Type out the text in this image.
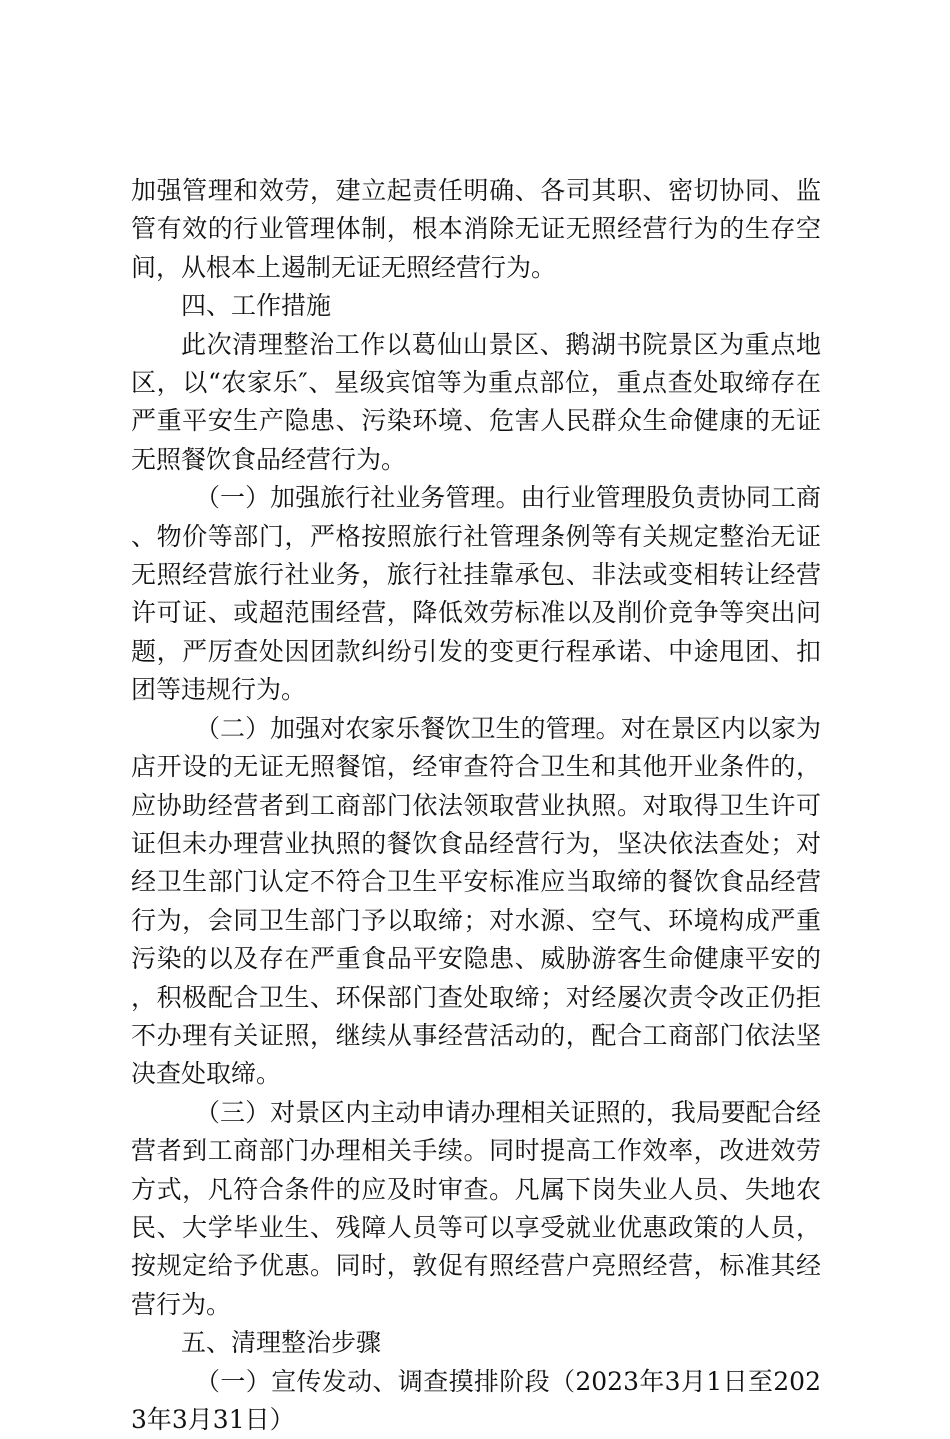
加强管理和效劳，建立起责任明确、各司其职、密切协同、监管有效的行业管理体制，根本消除无证无照经营行为的生存空间，从根本上遏制无证无照经营行为。

四、工作措施

此次清理整治工作以葛仙山景区、鹅湖书院景区为重点地区，以“农家乐″、星级宾馆等为重点部位，重点查处取缔存在严重平安生产隐患、污染环境、危害人民群众生命健康的无证无照餐饮食品经营行为。

（一）加强旅行社业务管理。由行业管理股负责协同工商、物价等部门，严格按照旅行社管理条例等有关规定整治无证无照经营旅行社业务，旅行社挂靠承包、非法或变相转让经营许可证、或超范围经营，降低效劳标准以及削价竞争等突出问题，严厉查处因团款纠纷引发的变更行程承诺、中途甩团、扣团等违规行为。

（二）加强对农家乐餐饮卫生的管理。对在景区内以家为店开设的无证无照餐馆，经审查符合卫生和其他开业条件的，应协助经营者到工商部门依法领取营业执照。对取得卫生许可证但未办理营业执照的餐饮食品经营行为，坚决依法查处；对经卫生部门认定不符合卫生平安标准应当取缔的餐饮食品经营行为，会同卫生部门予以取缔；对水源、空气、环境构成严重污染的以及存在严重食品平安隐患、威胁游客生命健康平安的，积极配合卫生、环保部门查处取缔；对经屡次责令改正仍拒不办理有关证照，继续从事经营活动的，配合工商部门依法坚决查处取缔。

（三）对景区内主动申请办理相关证照的，我局要配合经营者到工商部门办理相关手续。同时提高工作效率，改进效劳方式，凡符合条件的应及时审查。凡属下岗失业人员、失地农民、大学毕业生、残障人员等可以享受就业优惠政策的人员，按规定给予优惠。同时，敦促有照经营户亮照经营，标准其经营行为。

五、清理整治步骤

（一）宣传发动、调查摸排阶段（2023年3月1日至2023年3月31日）
